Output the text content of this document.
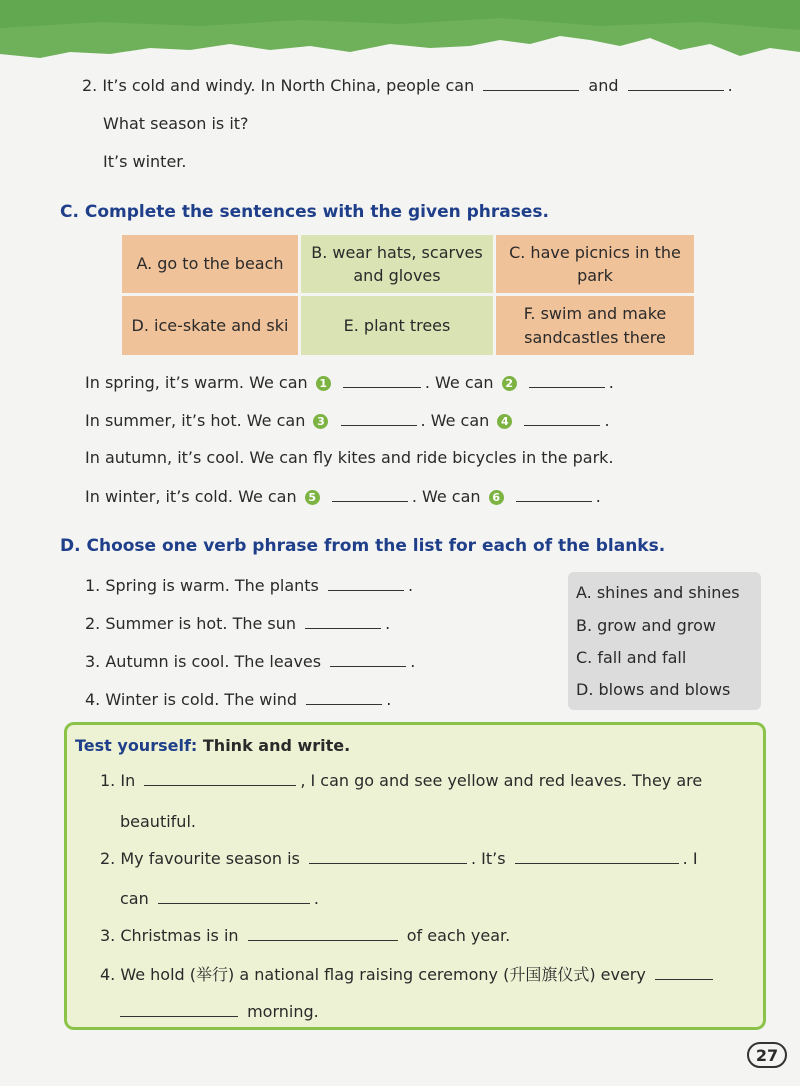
2. It’s cold and windy. In North China, people can	and	.
What season is it?
It’s winter.
C. Complete the sentences with the given phrases.
A. go to the beach
B. wear hats, scarves and gloves
C. have picnics in the park
D. ice-skate and ski	E. plant trees
F. swim and make sandcastles there
In spring, it’s warm. We can 1	. We can 2	.
In summer, it’s hot. We can 3	. We can 4	.
In autumn, it’s cool. We can fly kites and ride bicycles in the park.
In winter, it’s cold. We can 5	. We can 6	.
D. Choose one verb phrase from the list for each of the blanks.
1. Spring is warm. The plants	.
2. Summer is hot. The sun	.
3. Autumn is cool. The leaves	.
4. Winter is cold. The wind	.
A. shines and shines
B. grow and grow
C. fall and fall
D. blows and blows
Test yourself: Think and write.
1. In	, I can go and see yellow and red leaves. They are
beautiful.
2. My favourite season is	. It’s	. I
can	.
3. Christmas is in	of each year.
4. We hold (举行) a national flag raising ceremony (升国旗仪式) every
morning.
27
